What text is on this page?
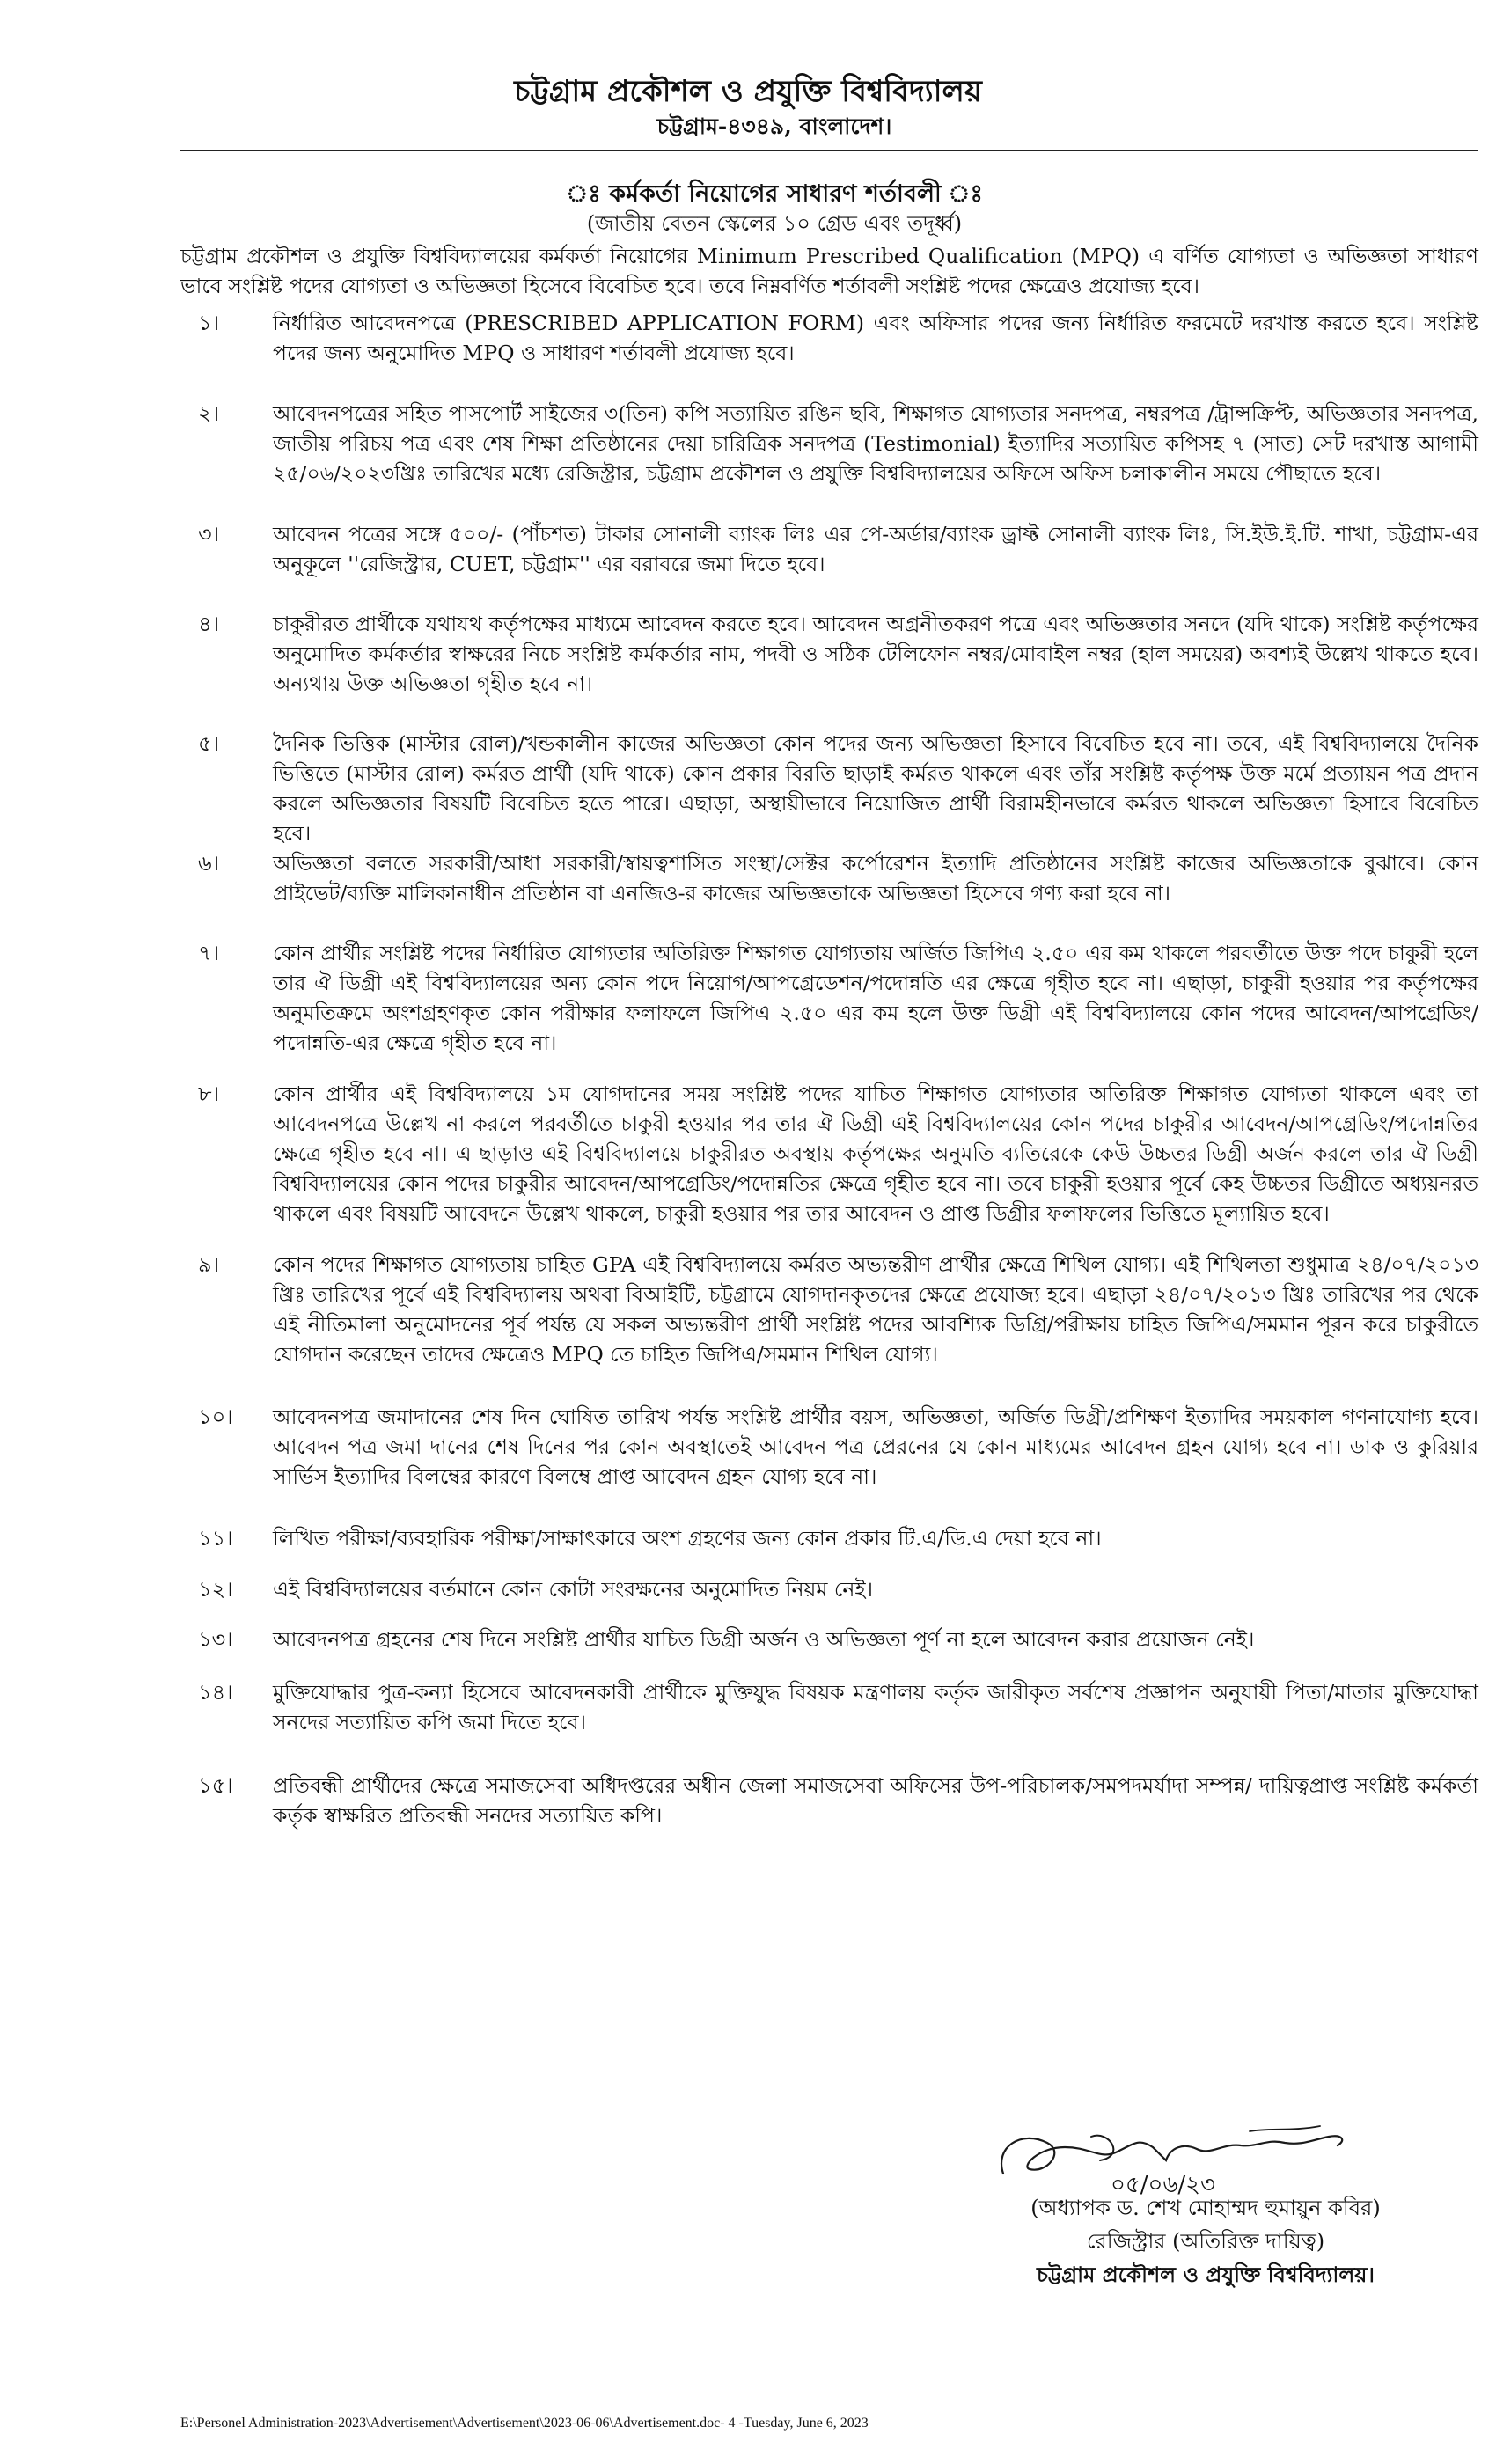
চট্টগ্রাম প্রকৌশল ও প্রযুক্তি বিশ্ববিদ্যালয়
চট্টগ্রাম-৪৩৪৯, বাংলাদেশ।
ঃ কর্মকর্তা নিয়োগের সাধারণ শর্তাবলী ঃ
(জাতীয় বেতন স্কেলের ১০ গ্রেড এবং তদূর্ধ্ব)
চট্টগ্রাম প্রকৌশল ও প্রযুক্তি বিশ্ববিদ্যালয়ের কর্মকর্তা নিয়োগের Minimum Prescribed Qualification (MPQ) এ বর্ণিত যোগ্যতা ও অভিজ্ঞতা সাধারণ ভাবে সংশ্লিষ্ট পদের যোগ্যতা ও অভিজ্ঞতা হিসেবে বিবেচিত হবে। তবে নিম্নবর্ণিত শর্তাবলী সংশ্লিষ্ট পদের ক্ষেত্রেও প্রযোজ্য হবে।
১।	নির্ধারিত আবেদনপত্রে (PRESCRIBED APPLICATION FORM) এবং অফিসার পদের জন্য নির্ধারিত ফরমেটে দরখাস্ত করতে হবে। সংশ্লিষ্ট পদের জন্য অনুমোদিত MPQ ও সাধারণ শর্তাবলী প্রযোজ্য হবে।
২।	আবেদনপত্রের সহিত পাসপোর্ট সাইজের ৩(তিন) কপি সত্যায়িত রঙিন ছবি, শিক্ষাগত যোগ্যতার সনদপত্র, নম্বরপত্র /ট্রান্সক্রিপ্ট, অভিজ্ঞতার সনদপত্র, জাতীয় পরিচয় পত্র এবং শেষ শিক্ষা প্রতিষ্ঠানের দেয়া চারিত্রিক সনদপত্র (Testimonial) ইত্যাদির সত্যায়িত কপিসহ ৭ (সাত) সেট দরখাস্ত আগামী ২৫/০৬/২০২৩খ্রিঃ তারিখের মধ্যে রেজিস্ট্রার, চট্টগ্রাম প্রকৌশল ও প্রযুক্তি বিশ্ববিদ্যালয়ের অফিসে অফিস চলাকালীন সময়ে পৌছাতে হবে।
৩।	আবেদন পত্রের সঙ্গে ৫০০/- (পাঁচশত) টাকার সোনালী ব্যাংক লিঃ এর পে-অর্ডার/ব্যাংক ড্রাফ্ট সোনালী ব্যাংক লিঃ, সি.ইউ.ই.টি. শাখা, চট্টগ্রাম-এর অনুকূলে ''রেজিস্ট্রার, CUET, চট্টগ্রাম'' এর বরাবরে জমা দিতে হবে।
৪।	চাকুরীরত প্রার্থীকে যথাযথ কর্তৃপক্ষের মাধ্যমে আবেদন করতে হবে। আবেদন অগ্রনীতকরণ পত্রে এবং অভিজ্ঞতার সনদে (যদি থাকে) সংশ্লিষ্ট কর্তৃপক্ষের অনুমোদিত কর্মকর্তার স্বাক্ষরের নিচে সংশ্লিষ্ট কর্মকর্তার নাম, পদবী ও সঠিক টেলিফোন নম্বর/মোবাইল নম্বর (হাল সময়ের) অবশ্যই উল্লেখ থাকতে হবে। অন্যথায় উক্ত অভিজ্ঞতা গৃহীত হবে না।
৫।	দৈনিক ভিত্তিক (মাস্টার রোল)/খন্ডকালীন কাজের অভিজ্ঞতা কোন পদের জন্য অভিজ্ঞতা হিসাবে বিবেচিত হবে না। তবে, এই বিশ্ববিদ্যালয়ে দৈনিক ভিত্তিতে (মাস্টার রোল) কর্মরত প্রার্থী (যদি থাকে) কোন প্রকার বিরতি ছাড়াই কর্মরত থাকলে এবং তাঁর সংশ্লিষ্ট কর্তৃপক্ষ উক্ত মর্মে প্রত্যায়ন পত্র প্রদান করলে অভিজ্ঞতার বিষয়টি বিবেচিত হতে পারে। এছাড়া, অস্থায়ীভাবে নিয়োজিত প্রার্থী বিরামহীনভাবে কর্মরত থাকলে অভিজ্ঞতা হিসাবে বিবেচিত হবে।
৬।	অভিজ্ঞতা বলতে সরকারী/আধা সরকারী/স্বায়ত্বশাসিত সংস্থা/সেক্টর কর্পোরেশন ইত্যাদি প্রতিষ্ঠানের সংশ্লিষ্ট কাজের অভিজ্ঞতাকে বুঝাবে। কোন প্রাইভেট/ব্যক্তি মালিকানাধীন প্রতিষ্ঠান বা এনজিও-র কাজের অভিজ্ঞতাকে অভিজ্ঞতা হিসেবে গণ্য করা হবে না।
৭।	কোন প্রার্থীর সংশ্লিষ্ট পদের নির্ধারিত যোগ্যতার অতিরিক্ত শিক্ষাগত যোগ্যতায় অর্জিত জিপিএ ২.৫০ এর কম থাকলে পরবর্তীতে উক্ত পদে চাকুরী হলে তার ঐ ডিগ্রী এই বিশ্ববিদ্যালয়ের অন্য কোন পদে নিয়োগ/আপগ্রেডেশন/পদোন্নতি এর ক্ষেত্রে গৃহীত হবে না। এছাড়া, চাকুরী হওয়ার পর কর্তৃপক্ষের অনুমতিক্রমে অংশগ্রহণকৃত কোন পরীক্ষার ফলাফলে জিপিএ ২.৫০ এর কম হলে উক্ত ডিগ্রী এই বিশ্ববিদ্যালয়ে কোন পদের আবেদন/আপগ্রেডিং/পদোন্নতি-এর ক্ষেত্রে গৃহীত হবে না।
৮।	কোন প্রার্থীর এই বিশ্ববিদ্যালয়ে ১ম যোগদানের সময় সংশ্লিষ্ট পদের যাচিত শিক্ষাগত যোগ্যতার অতিরিক্ত শিক্ষাগত যোগ্যতা থাকলে এবং তা আবেদনপত্রে উল্লেখ না করলে পরবর্তীতে চাকুরী হওয়ার পর তার ঐ ডিগ্রী এই বিশ্ববিদ্যালয়ের কোন পদের চাকুরীর আবেদন/আপগ্রেডিং/পদোন্নতির ক্ষেত্রে গৃহীত হবে না। এ ছাড়াও এই বিশ্ববিদ্যালয়ে চাকুরীরত অবস্থায় কর্তৃপক্ষের অনুমতি ব্যতিরেকে কেউ উচ্চতর ডিগ্রী অর্জন করলে তার ঐ ডিগ্রী বিশ্ববিদ্যালয়ের কোন পদের চাকুরীর আবেদন/আপগ্রেডিং/পদোন্নতির ক্ষেত্রে গৃহীত হবে না। তবে চাকুরী হওয়ার পূর্বে কেহ উচ্চতর ডিগ্রীতে অধ্যয়নরত থাকলে এবং বিষয়টি আবেদনে উল্লেখ থাকলে, চাকুরী হওয়ার পর তার আবেদন ও প্রাপ্ত ডিগ্রীর ফলাফলের ভিত্তিতে মূল্যায়িত হবে।
৯।	কোন পদের শিক্ষাগত যোগ্যতায় চাহিত GPA এই বিশ্ববিদ্যালয়ে কর্মরত অভ্যন্তরীণ প্রার্থীর ক্ষেত্রে শিথিল যোগ্য। এই শিথিলতা শুধুমাত্র ২৪/০৭/২০১৩ খ্রিঃ তারিখের পূর্বে এই বিশ্ববিদ্যালয় অথবা বিআইটি, চট্টগ্রামে যোগদানকৃতদের ক্ষেত্রে প্রযোজ্য হবে। এছাড়া ২৪/০৭/২০১৩ খ্রিঃ তারিখের পর থেকে এই নীতিমালা অনুমোদনের পূর্ব পর্যন্ত যে সকল অভ্যন্তরীণ প্রার্থী সংশ্লিষ্ট পদের আবশ্যিক ডিগ্রি/পরীক্ষায় চাহিত জিপিএ/সমমান পূরন করে চাকুরীতে যোগদান করেছেন তাদের ক্ষেত্রেও MPQ তে চাহিত জিপিএ/সমমান শিথিল যোগ্য।
১০। আবেদনপত্র জমাদানের শেষ দিন ঘোষিত তারিখ পর্যন্ত সংশ্লিষ্ট প্রার্থীর বয়স, অভিজ্ঞতা, অর্জিত ডিগ্রী/প্রশিক্ষণ ইত্যাদির সময়কাল গণনাযোগ্য হবে। আবেদন পত্র জমা দানের শেষ দিনের পর কোন অবস্থাতেই আবেদন পত্র প্রেরনের যে কোন মাধ্যমের আবেদন গ্রহন যোগ্য হবে না। ডাক ও কুরিয়ার সার্ভিস ইত্যাদির বিলম্বের কারণে বিলম্বে প্রাপ্ত আবেদন গ্রহন যোগ্য হবে না।
১১। লিখিত পরীক্ষা/ব্যবহারিক পরীক্ষা/সাক্ষাৎকারে অংশ গ্রহণের জন্য কোন প্রকার টি.এ/ডি.এ দেয়া হবে না।
১২। এই বিশ্ববিদ্যালয়ের বর্তমানে কোন কোটা সংরক্ষনের অনুমোদিত নিয়ম নেই।
১৩। আবেদনপত্র গ্রহনের শেষ দিনে সংশ্লিষ্ট প্রার্থীর যাচিত ডিগ্রী অর্জন ও অভিজ্ঞতা পূর্ণ না হলে আবেদন করার প্রয়োজন নেই।
১৪। মুক্তিযোদ্ধার পুত্র-কন্যা হিসেবে আবেদনকারী প্রার্থীকে মুক্তিযুদ্ধ বিষয়ক মন্ত্রণালয় কর্তৃক জারীকৃত সর্বশেষ প্রজ্ঞাপন অনুযায়ী পিতা/মাতার মুক্তিযোদ্ধা সনদের সত্যায়িত কপি জমা দিতে হবে।
১৫। প্রতিবন্ধী প্রার্থীদের ক্ষেত্রে সমাজসেবা অধিদপ্তরের অধীন জেলা সমাজসেবা অফিসের উপ-পরিচালক/সমপদমর্যাদা সম্পন্ন/ দায়িত্বপ্রাপ্ত সংশ্লিষ্ট কর্মকর্তা কর্তৃক স্বাক্ষরিত প্রতিবন্ধী সনদের সত্যায়িত কপি।
০৫/০৬/২৩
(অধ্যাপক ড. শেখ মোহাম্মদ হুমায়ুন কবির)
রেজিস্ট্রার (অতিরিক্ত দায়িত্ব)
চট্টগ্রাম প্রকৌশল ও প্রযুক্তি বিশ্ববিদ্যালয়।
E:\Personel Administration-2023\Advertisement\Advertisement\2023-06-06\Advertisement.doc- 4 -Tuesday, June 6, 2023
